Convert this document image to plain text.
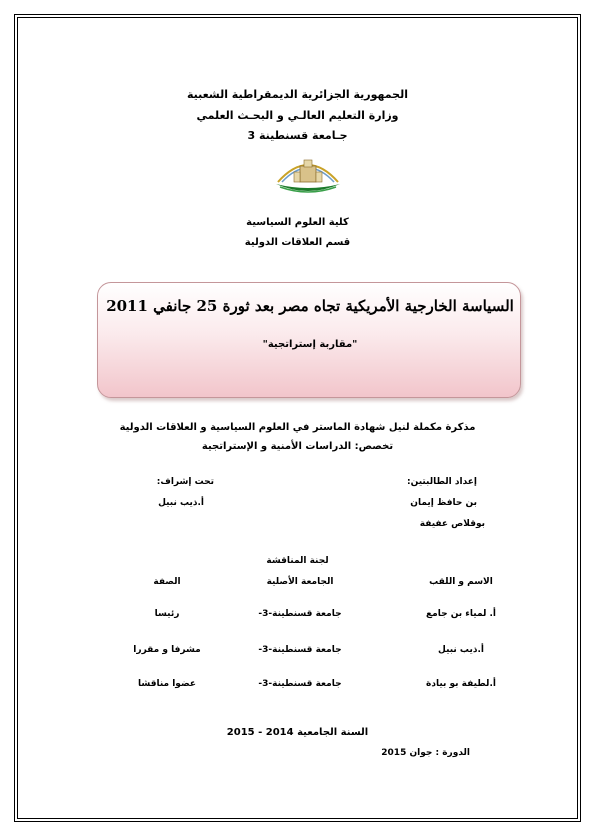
الجمهورية الجزائرية الديمقراطية الشعبية
وزارة التعليم العالـي و البحـث العلمي
جـامعة قسنطينة 3
كلية العلوم السياسية
قسم العلاقات الدولية
السياسة الخارجية الأمريكية تجاه مصر بعد ثورة 25 جانفي 2011
"مقاربة إستراتجية"
مذكرة مكملة لنيل شهادة الماستر في العلوم السياسية و العلاقات الدولية
تخصص: الدراسات الأمنية و الإستراتجية
إعداد الطالبتين:
بن حافظ إيمان
بوقلاص عفيفة
تحت إشراف:
أ.ذيب نبيل
لجنة المناقشة
الاسم و اللقب
الجامعة الأصلية
الصفة
أ. لمياء بن جامع
جامعة قسنطينة-3-
رئيسا
أ.ذيب نبيل
جامعة قسنطينة-3-
مشرفا و مقررا
أ.لطيفة بو بيادة
جامعة قسنطينة-3-
عضوا مناقشا
السنة الجامعية 2014 - 2015
الدورة : جوان 2015
